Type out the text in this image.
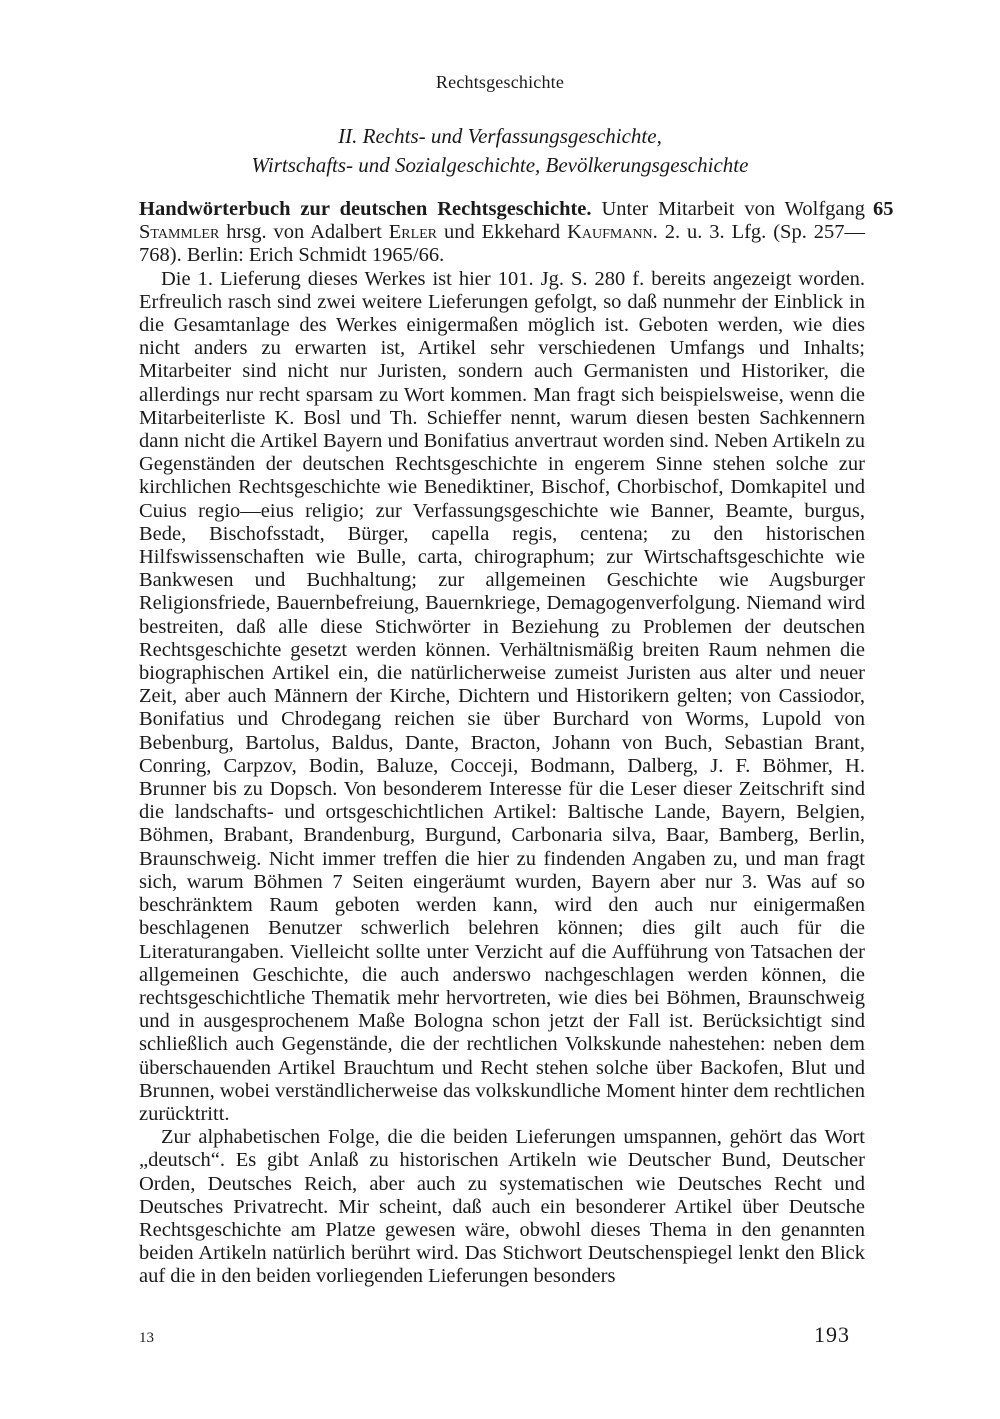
Rechtsgeschichte
II. Rechts- und Verfassungsgeschichte,
Wirtschafts- und Sozialgeschichte, Bevölkerungsgeschichte
65

Handwörterbuch zur deutschen Rechtsgeschichte. Unter Mitarbeit von Wolfgang Stammler hrsg. von Adalbert Erler und Ekkehard Kaufmann. 2. u. 3. Lfg. (Sp. 257—768). Berlin: Erich Schmidt 1965/66.

Die 1. Lieferung dieses Werkes ist hier 101. Jg. S. 280 f. bereits angezeigt worden. Erfreulich rasch sind zwei weitere Lieferungen gefolgt, so daß nunmehr der Einblick in die Gesamtanlage des Werkes einigermaßen möglich ist. Geboten werden, wie dies nicht anders zu erwarten ist, Artikel sehr verschiedenen Umfangs und Inhalts; Mitarbeiter sind nicht nur Juristen, sondern auch Germanisten und Historiker, die allerdings nur recht sparsam zu Wort kommen. Man fragt sich beispielsweise, wenn die Mitarbeiterliste K. Bosl und Th. Schieffer nennt, warum diesen besten Sachkennern dann nicht die Artikel Bayern und Bonifatius anvertraut worden sind. Neben Artikeln zu Gegenständen der deutschen Rechtsgeschichte in engerem Sinne stehen solche zur kirchlichen Rechtsgeschichte wie Benediktiner, Bischof, Chorbischof, Domkapitel und Cuius regio—eius religio; zur Verfassungsgeschichte wie Banner, Beamte, burgus, Bede, Bischofsstadt, Bürger, capella regis, centena; zu den historischen Hilfswissenschaften wie Bulle, carta, chirographum; zur Wirtschaftsgeschichte wie Bankwesen und Buchhaltung; zur allgemeinen Geschichte wie Augsburger Religionsfriede, Bauernbefreiung, Bauernkriege, Demagogenverfolgung. Niemand wird bestreiten, daß alle diese Stichwörter in Beziehung zu Problemen der deutschen Rechtsgeschichte gesetzt werden können. Verhältnismäßig breiten Raum nehmen die biographischen Artikel ein, die natürlicherweise zumeist Juristen aus alter und neuer Zeit, aber auch Männern der Kirche, Dichtern und Historikern gelten; von Cassiodor, Bonifatius und Chrodegang reichen sie über Burchard von Worms, Lupold von Bebenburg, Bartolus, Baldus, Dante, Bracton, Johann von Buch, Sebastian Brant, Conring, Carpzov, Bodin, Baluze, Cocceji, Bodmann, Dalberg, J. F. Böhmer, H. Brunner bis zu Dopsch. Von besonderem Interesse für die Leser dieser Zeitschrift sind die landschafts- und ortsgeschichtlichen Artikel: Baltische Lande, Bayern, Belgien, Böhmen, Brabant, Brandenburg, Burgund, Carbonaria silva, Baar, Bamberg, Berlin, Braunschweig. Nicht immer treffen die hier zu findenden Angaben zu, und man fragt sich, warum Böhmen 7 Seiten eingeräumt wurden, Bayern aber nur 3. Was auf so beschränktem Raum geboten werden kann, wird den auch nur einigermaßen beschlagenen Benutzer schwerlich belehren können; dies gilt auch für die Literaturangaben. Vielleicht sollte unter Verzicht auf die Aufführung von Tatsachen der allgemeinen Geschichte, die auch anderswo nachgeschlagen werden können, die rechtsgeschichtliche Thematik mehr hervortreten, wie dies bei Böhmen, Braunschweig und in ausgesprochenem Maße Bologna schon jetzt der Fall ist. Berücksichtigt sind schließlich auch Gegenstände, die der rechtlichen Volkskunde nahestehen: neben dem überschauenden Artikel Brauchtum und Recht stehen solche über Backofen, Blut und Brunnen, wobei verständlicherweise das volkskundliche Moment hinter dem rechtlichen zurücktritt.

Zur alphabetischen Folge, die die beiden Lieferungen umspannen, gehört das Wort „deutsch“. Es gibt Anlaß zu historischen Artikeln wie Deutscher Bund, Deutscher Orden, Deutsches Reich, aber auch zu systematischen wie Deutsches Recht und Deutsches Privatrecht. Mir scheint, daß auch ein besonderer Artikel über Deutsche Rechtsgeschichte am Platze gewesen wäre, obwohl dieses Thema in den genannten beiden Artikeln natürlich berührt wird. Das Stichwort Deutschenspiegel lenkt den Blick auf die in den beiden vorliegenden Lieferungen besonders

13	193
